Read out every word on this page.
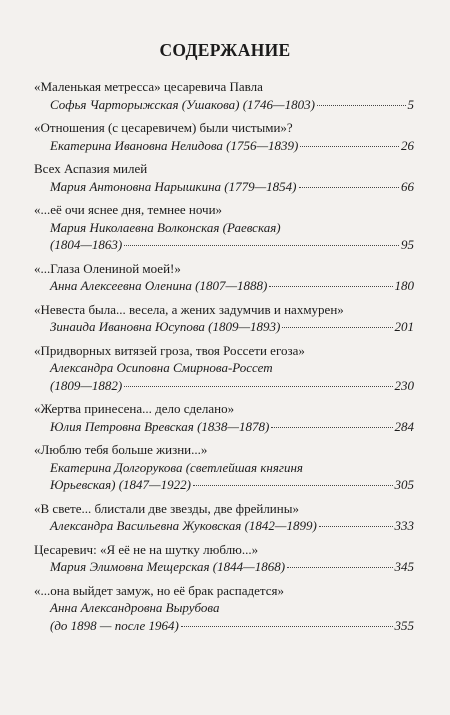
СОДЕРЖАНИЕ
«Маленькая метресса» цесаревича Павла
Софья Чарторыжская (Ушакова) (1746—1803)	5
«Отношения (с цесаревичем) были чистыми»?
Екатерина Ивановна Нелидова (1756—1839)	26
Всех Аспазия милей
Мария Антоновна Нарышкина (1779—1854)	66
«...её очи яснее дня, темнее ночи»
Мария Николаевна Волконская (Раевская)
(1804—1863)	95
«...Глаза Олениной моей!»
Анна Алексеевна Оленина (1807—1888)	180
«Невеста была... весела, а жених задумчив и нахмурен»
Зинаида Ивановна Юсупова (1809—1893)	201
«Придворных витязей гроза, твоя Россети егоза»
Александра Осиповна Смирнова-Россет
(1809—1882)	230
«Жертва принесена... дело сделано»
Юлия Петровна Вревская (1838—1878)	284
«Люблю тебя больше жизни...»
Екатерина Долгорукова (светлейшая княгиня
Юрьевская) (1847—1922)	305
«В свете... блистали две звезды, две фрейлины»
Александра Васильевна Жуковская (1842—1899)	333
Цесаревич: «Я её не на шутку люблю...»
Мария Элимовна Мещерская (1844—1868)	345
«...она выйдет замуж, но её брак распадется»
Анна Александровна Вырубова
(до 1898 — после 1964)	355
